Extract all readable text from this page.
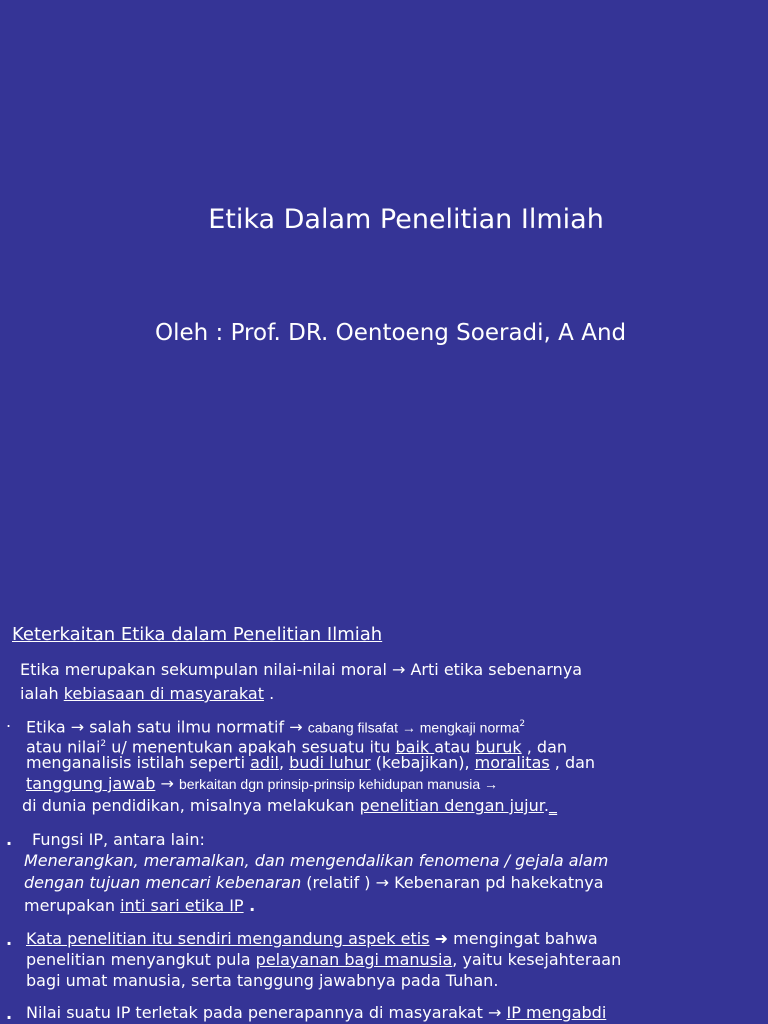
Etika Dalam Penelitian Ilmiah
Oleh : Prof. DR. Oentoeng Soeradi, A And
Keterkaitan Etika dalam Penelitian Ilmiah
Etika merupakan sekumpulan nilai-nilai moral → Arti etika sebenarnya
ialah kebiasaan di masyarakat .
. Etika → salah satu ilmu normatif → cabang filsafat → mengkaji norma$^2$
atau nilai$^2$ u/ menentukan apakah sesuatu itu baik atau buruk , dan
menganalisis istilah seperti adil, budi luhur (kebajikan), moralitas , dan
tanggung jawab → berkaitan dgn prinsip-prinsip kehidupan manusia →
di dunia pendidikan, misalnya melakukan penelitian dengan jujur._
. Fungsi IP, antara lain:
Menerangkan, meramalkan, dan mengendalikan fenomena / gejala alam
dengan tujuan mencari kebenaran (relatif ) → Kebenaran pd hakekatnya
merupakan inti sari etika IP .
. Kata penelitian itu sendiri mengandung aspek etis ➜ mengingat bahwa
penelitian menyangkut pula pelayanan bagi manusia, yaitu kesejahteraan
bagi umat manusia, serta tanggung jawabnya pada Tuhan.
. Nilai suatu IP terletak pada penerapannya di masyarakat → IP mengabdi
